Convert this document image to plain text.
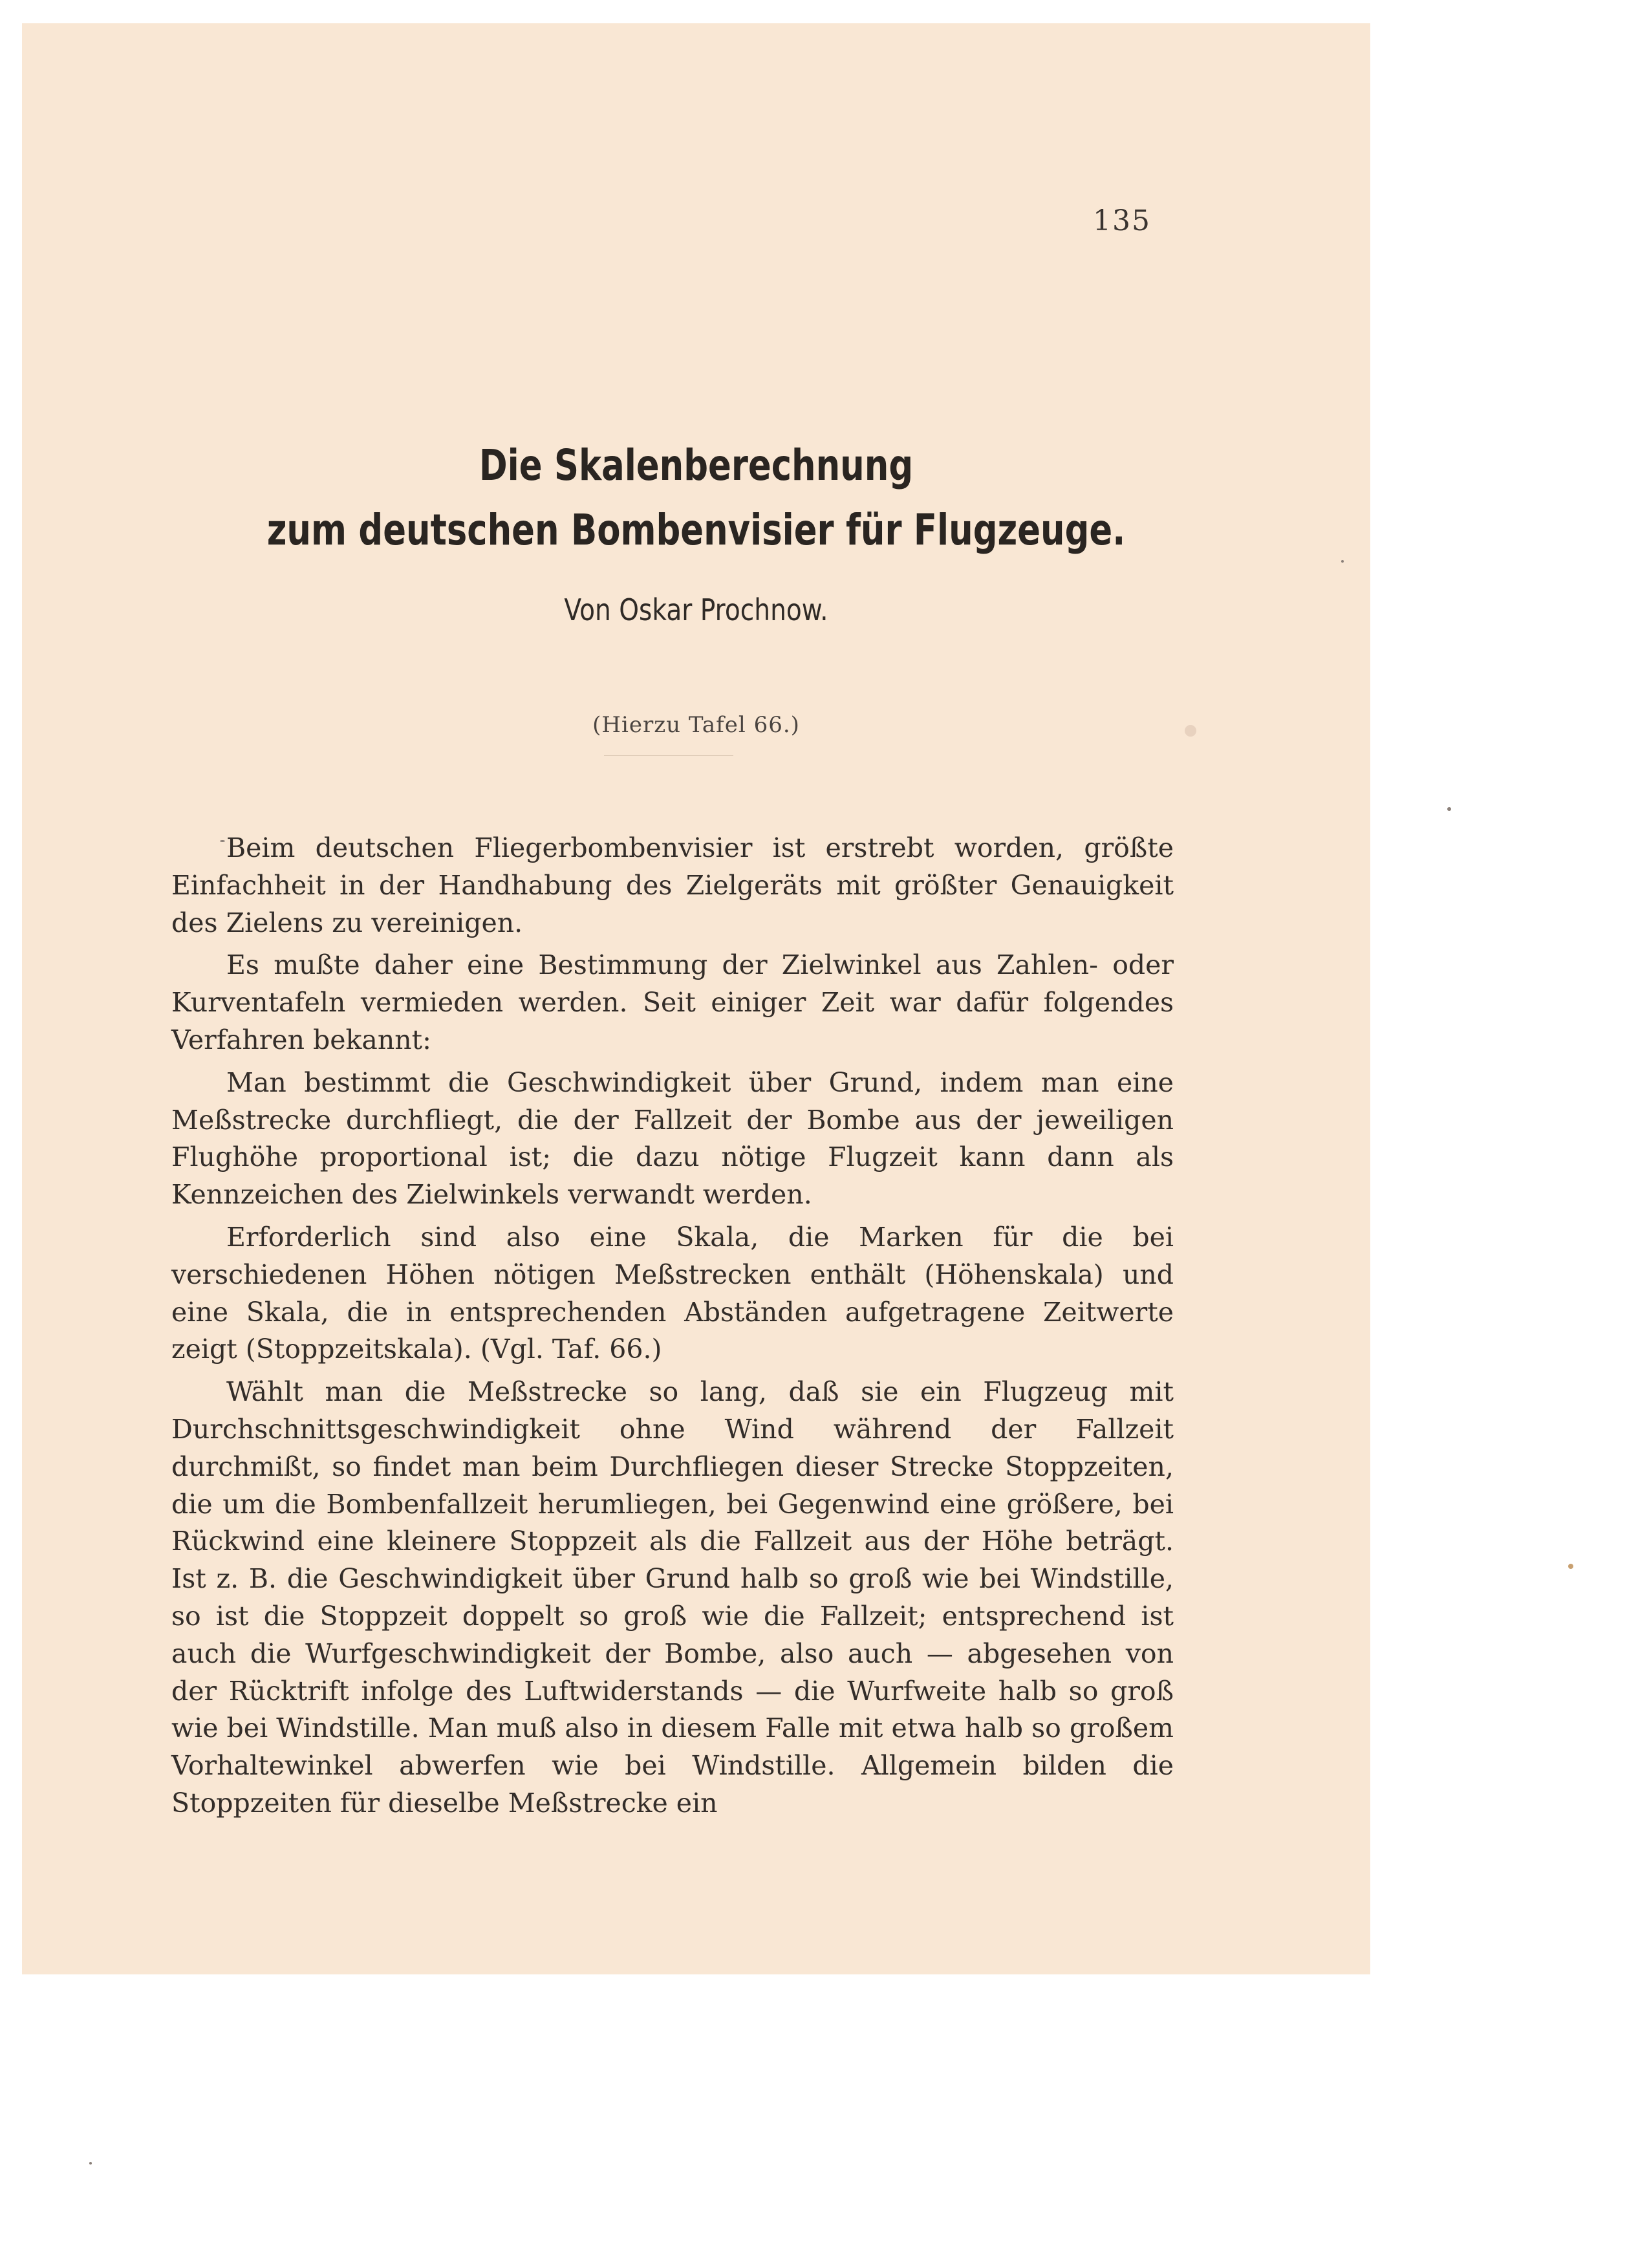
135
Die Skalenberechnung
zum deutschen Bombenvisier für Flugzeuge.
Von Oskar Prochnow.
(Hierzu Tafel 66.)

Beim deutschen Fliegerbombenvisier ist erstrebt worden, größte Einfachheit in der Handhabung des Zielgeräts mit größter Genauigkeit des Zielens zu vereinigen.

Es mußte daher eine Bestimmung der Zielwinkel aus Zahlen- oder Kurventafeln vermieden werden. Seit einiger Zeit war dafür folgendes Verfahren bekannt:

Man bestimmt die Geschwindigkeit über Grund, indem man eine Meßstrecke durchfliegt, die der Fallzeit der Bombe aus der jeweiligen Flughöhe proportional ist; die dazu nötige Flugzeit kann dann als Kennzeichen des Zielwinkels verwandt werden.

Erforderlich sind also eine Skala, die Marken für die bei verschiedenen Höhen nötigen Meßstrecken enthält (Höhenskala) und eine Skala, die in entsprechenden Abständen aufgetragene Zeitwerte zeigt (Stoppzeitskala). (Vgl. Taf. 66.)

Wählt man die Meßstrecke so lang, daß sie ein Flugzeug mit Durchschnittsgeschwindigkeit ohne Wind während der Fallzeit durchmißt, so findet man beim Durchfliegen dieser Strecke Stoppzeiten, die um die Bombenfallzeit herumliegen, bei Gegenwind eine größere, bei Rückwind eine kleinere Stoppzeit als die Fallzeit aus der Höhe beträgt. Ist z. B. die Geschwindigkeit über Grund halb so groß wie bei Windstille, so ist die Stoppzeit doppelt so groß wie die Fallzeit; entsprechend ist auch die Wurfgeschwindigkeit der Bombe, also auch — abgesehen von der Rücktrift infolge des Luftwiderstands — die Wurfweite halb so groß wie bei Windstille. Man muß also in diesem Falle mit etwa halb so großem Vorhaltewinkel abwerfen wie bei Windstille. Allgemein bilden die Stoppzeiten für dieselbe Meßstrecke ein
